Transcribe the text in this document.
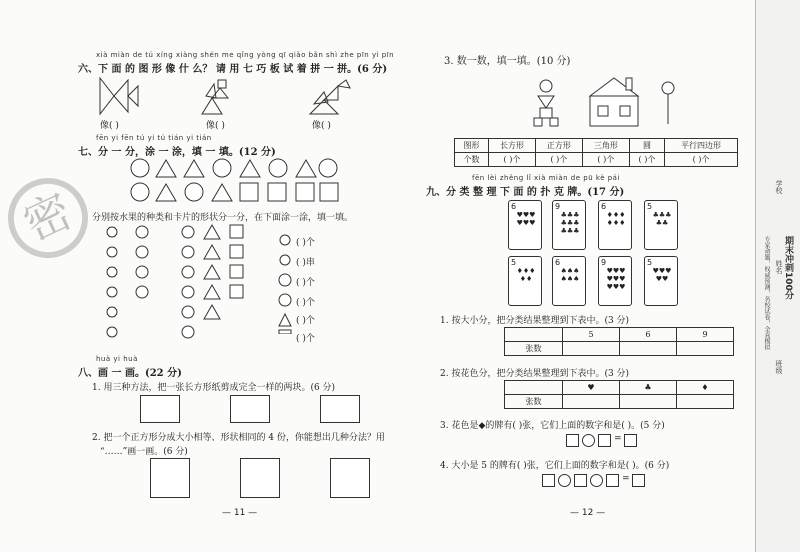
密
xià miàn de tú xíng xiàng shén me qǐng yòng qī qiǎo bǎn shì zhe pīn yi pīn
六、下 面 的 图 形 像 什 么？ 请 用 七 巧 板 试 着 拼 一 拼。(6 分)
像( )	像( )	像( )
fēn yi fēn tú yi tú tián yi tián
七、分 一 分，涂 一 涂，填 一 填。(12 分)
分别按水果的种类和卡片的形状分一分，在下面涂一涂，填一填。
( )个
( )串
( )个
( )个
( )个
( )个
huà yi huà
八、画 一 画。(22 分)
1. 用三种方法，把一张长方形纸剪成完全一样的两块。(6 分)
2. 把一个正方形分成大小相等、形状相同的 4 份，你能想出几种分法？用
“……”画一画。(6 分)
— 11 —
3. 数一数，填一填。(10 分)
图形	长方形	正方形	三角形	圆	平行四边形
个数	( )个	( )个	( )个	( )个	( )个
fēn lèi zhěng lǐ xià miàn de pū kè pái
九、分 类 整 理 下 面 的 扑 克 牌。(17 分)
6
♥♥♥♥♥♥
9
♣♣♣♣♣♣♣♣♣
6
♦♦♦♦♦♦
5
♣♣♣♣♣
5
♦♦♦♦♦
6
♠♠♠♠♠♠
9
♥♥♥♥♥♥♥♥♥
5
♥♥♥♥♥
1. 按大小分，把分类结果整理到下表中。(3 分)
	5	6	9
张数			
2. 按花色分，把分类结果整理到下表中。(3 分)
	♥	♣	♦
张数			
3. 花色是◆的牌有( )张，它们上面的数字和是( )。(5 分)
=
4. 大小是 5 的牌有( )张，它们上面的数字和是( )。(6 分)
=
— 12 —
学校
姓名
班级
期末冲刺100分
专家命题，权威预测，名校试卷，全真模拟
